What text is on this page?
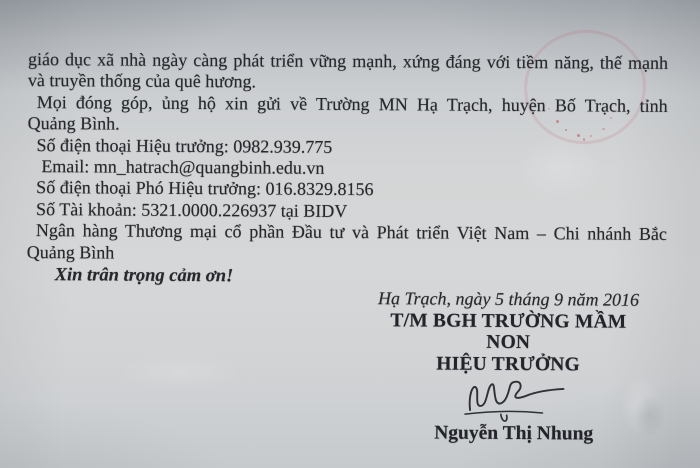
giáo dục xã nhà ngày càng phát triển vững mạnh, xứng đáng với tiềm năng, thế mạnh
và truyền thống của quê hương.
Mọi đóng góp, ủng hộ xin gửi về Trường MN Hạ Trạch, huyện Bố Trạch, tỉnh
Quảng Bình.
Số điện thoại Hiệu trưởng: 0982.939.775
Email: mn_hatrach@quangbinh.edu.vn
Số điện thoại Phó Hiệu trưởng: 016.8329.8156
Số Tài khoản: 5321.0000.226937 tại BIDV
Ngân hàng Thương mại cổ phần Đầu tư và Phát triển Việt Nam – Chi nhánh Bắc
Quảng Bình
Xin trân trọng cảm ơn!
Hạ Trạch, ngày 5 tháng 9 năm 2016
T/M BGH TRƯỜNG MẦM NON
HIỆU TRƯỞNG
Nguyễn Thị Nhung
